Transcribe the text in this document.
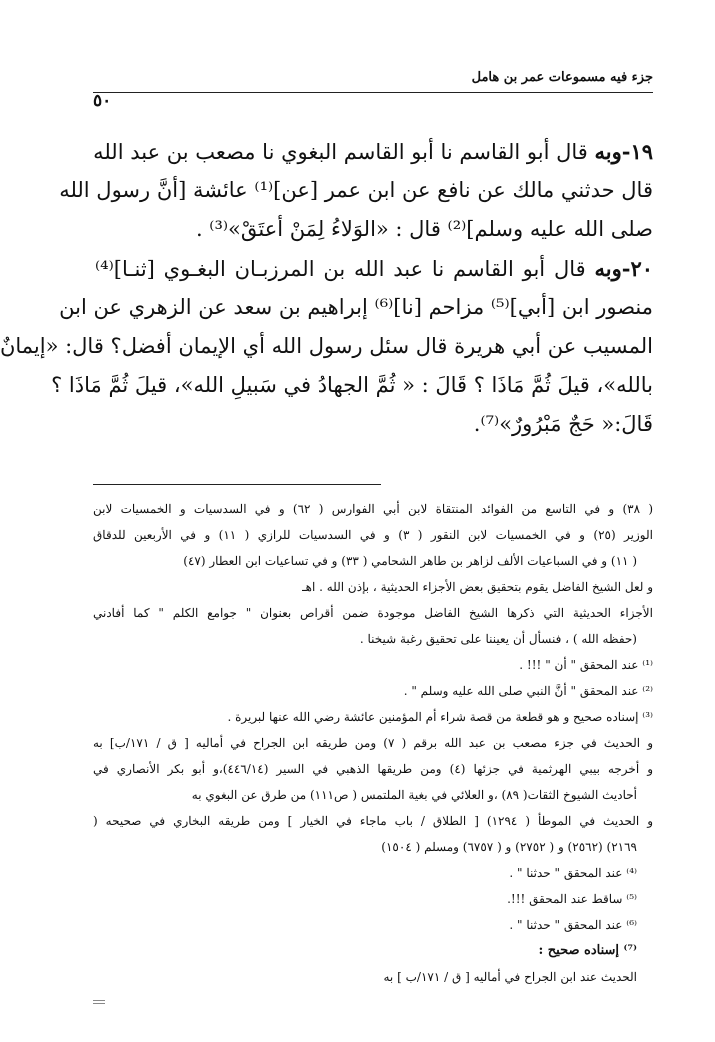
جزء فيه مسموعات عمر بن هامل
٥٠
١٩-وبه قال أبو القاسم نا أبو القاسم البغوي نا مصعب بن عبد الله
قال حدثني مالك عن نافع عن ابن عمر [عن]⁽¹⁾ عائشة [أنَّ رسول الله
صلى الله عليه وسلم]⁽²⁾ قال : «الوَلاءُ لِمَنْ أعتَقْ»⁽³⁾ .
٢٠-وبه قال أبو القاسم نا عبد الله بن المرزبـان البغـوي [ثنـا]⁽⁴⁾
منصور ابن [أبي]⁽⁵⁾ مزاحم [نا]⁽⁶⁾ إبراهيم بن سعد عن الزهري عن ابن
المسيب عن أبي هريرة قال سئل رسول الله أي الإيمان أفضل؟ قال: «إيمانٌ
بالله»، قيلَ ثُمَّ مَاذَا ؟ قَالَ : « ثُمَّ الجهادُ في سَبيلِ الله»، قيلَ ثُمَّ مَاذَا ؟
قَالَ:« حَجٌ مَبْرُورٌ»⁽⁷⁾.
( ٣٨) و في التاسع من الفوائد المنتقاة لابن أبي الفوارس ( ٦٢) و في السدسيات و الخمسيات لابن
الوزير (٢٥) و في الخمسيات لابن النقور ( ٣) و في السدسيات للرازي ( ١١) و في الأربعين للدقاق
( ١١) و في السباعيات الألف لزاهر بن طاهر الشحامي ( ٣٣) و في تساعيات ابن العطار (٤٧)
و لعل الشيخ الفاضل يقوم بتحقيق بعض الأجزاء الحديثية ، بإذن الله . اهـ
الأجزاء الحديثية التي ذكرها الشيخ الفاضل موجودة ضمن أقراص بعنوان " جوامع الكلم " كما أفادني
(حفظه الله ) ، فنسأل أن يعيننا على تحقيق رغبة شيخنا .
⁽¹⁾ عند المحقق " أن " !!! .
⁽²⁾ عند المحقق " أنَّ النبي صلى الله عليه وسلم " .
⁽³⁾ إسناده صحيح و هو قطعة من قصة شراء أم المؤمنين عائشة رضي الله عنها لبريرة .
و الحديث في جزء مصعب بن عبد الله برقم ( ٧) ومن طريقه ابن الجراح في أماليه [ ق / ١٧١/ب] به
و أخرجه بيبي الهرثمية في جزئها (٤) ومن طريقها الذهبي في السير (٤٤٦/١٤)،و أبو بكر الأنصاري في
أحاديث الشيوخ الثقات( ٨٩) ،و العلائي في بغية الملتمس ( ص١١١) من طرق عن البغوي به
و الحديث في الموطأ ( ١٢٩٤) [ الطلاق / باب ماجاء في الخيار ] ومن طريقه البخاري في صحيحه (
٢١٦٩) (٢٥٦٢) و ( ٢٧٥٢) و ( ٦٧٥٧) ومسلم ( ١٥٠٤)
⁽⁴⁾ عند المحقق " حدثنا " .
⁽⁵⁾ ساقط عند المحقق !!!.
⁽⁶⁾ عند المحقق " حدثنا " .
⁽⁷⁾ إسناده صحيح :
الحديث عند ابن الجراح في أماليه [ ق / ١٧١/ب ] به
